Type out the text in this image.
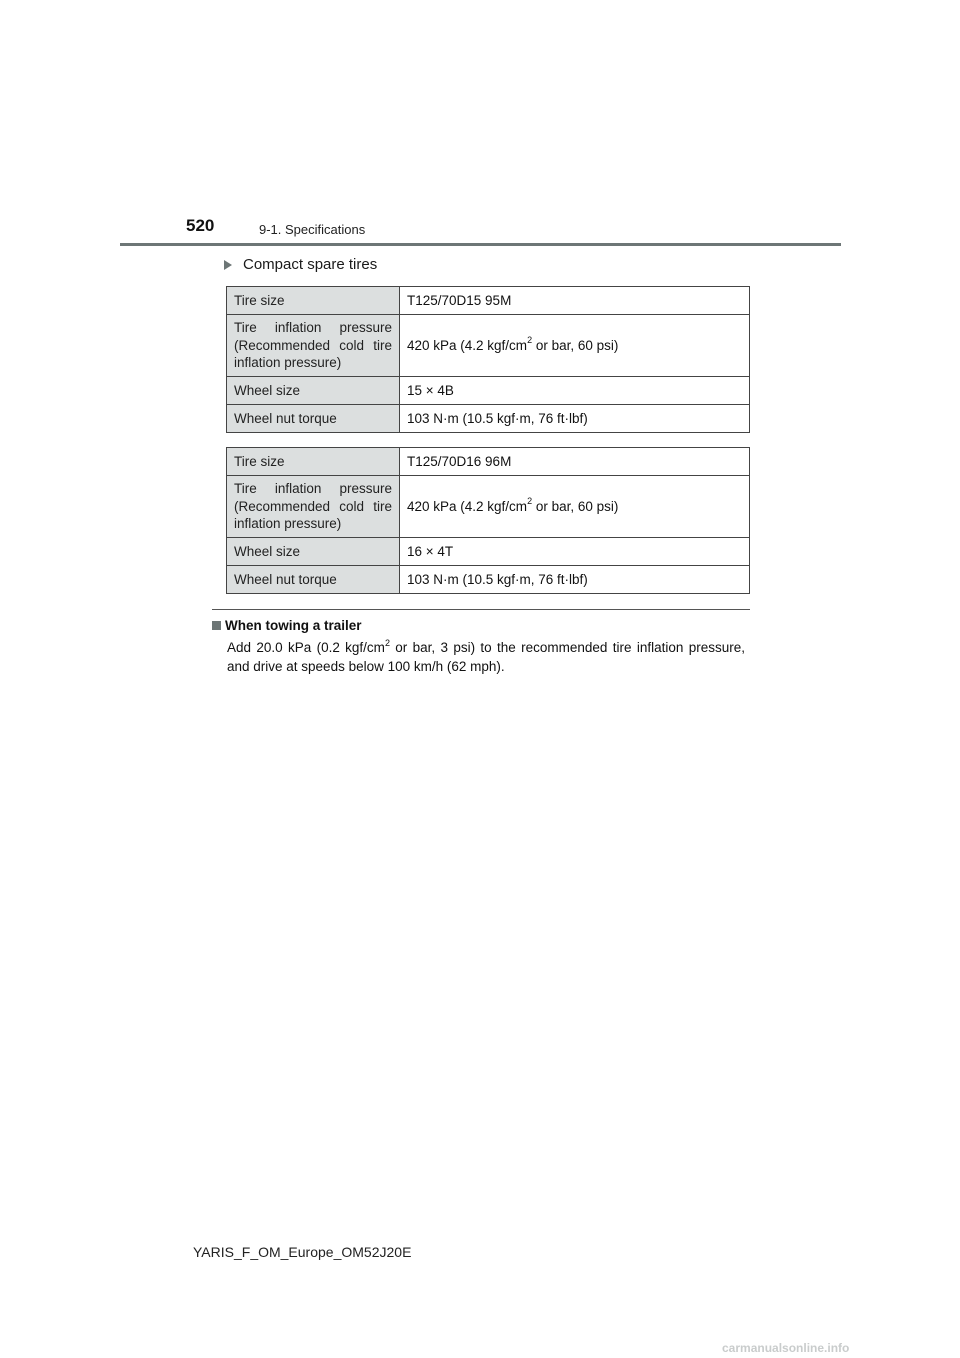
520	9-1. Specifications
Compact spare tires
Tire size	T125/70D15 95M
Tire inflation pressure (Recommended cold tire inflation pressure)	420 kPa (4.2 kgf/$cm^2$ or bar, 60 psi)
Wheel size	15 × 4B
Wheel nut torque	103 N·m (10.5 kgf·m, 76 ft·lbf)
Tire size	T125/70D16 96M
Tire inflation pressure (Recommended cold tire inflation pressure)	420 kPa (4.2 kgf/$cm^2$ or bar, 60 psi)
Wheel size	16 × 4T
Wheel nut torque	103 N·m (10.5 kgf·m, 76 ft·lbf)
When towing a trailer
Add 20.0 kPa (0.2 kgf/$cm^2$ or bar, 3 psi) to the recommended tire inflation pressure, and drive at speeds below 100 km/h (62 mph).
YARIS_F_OM_Europe_OM52J20E
carmanualsonline.info
